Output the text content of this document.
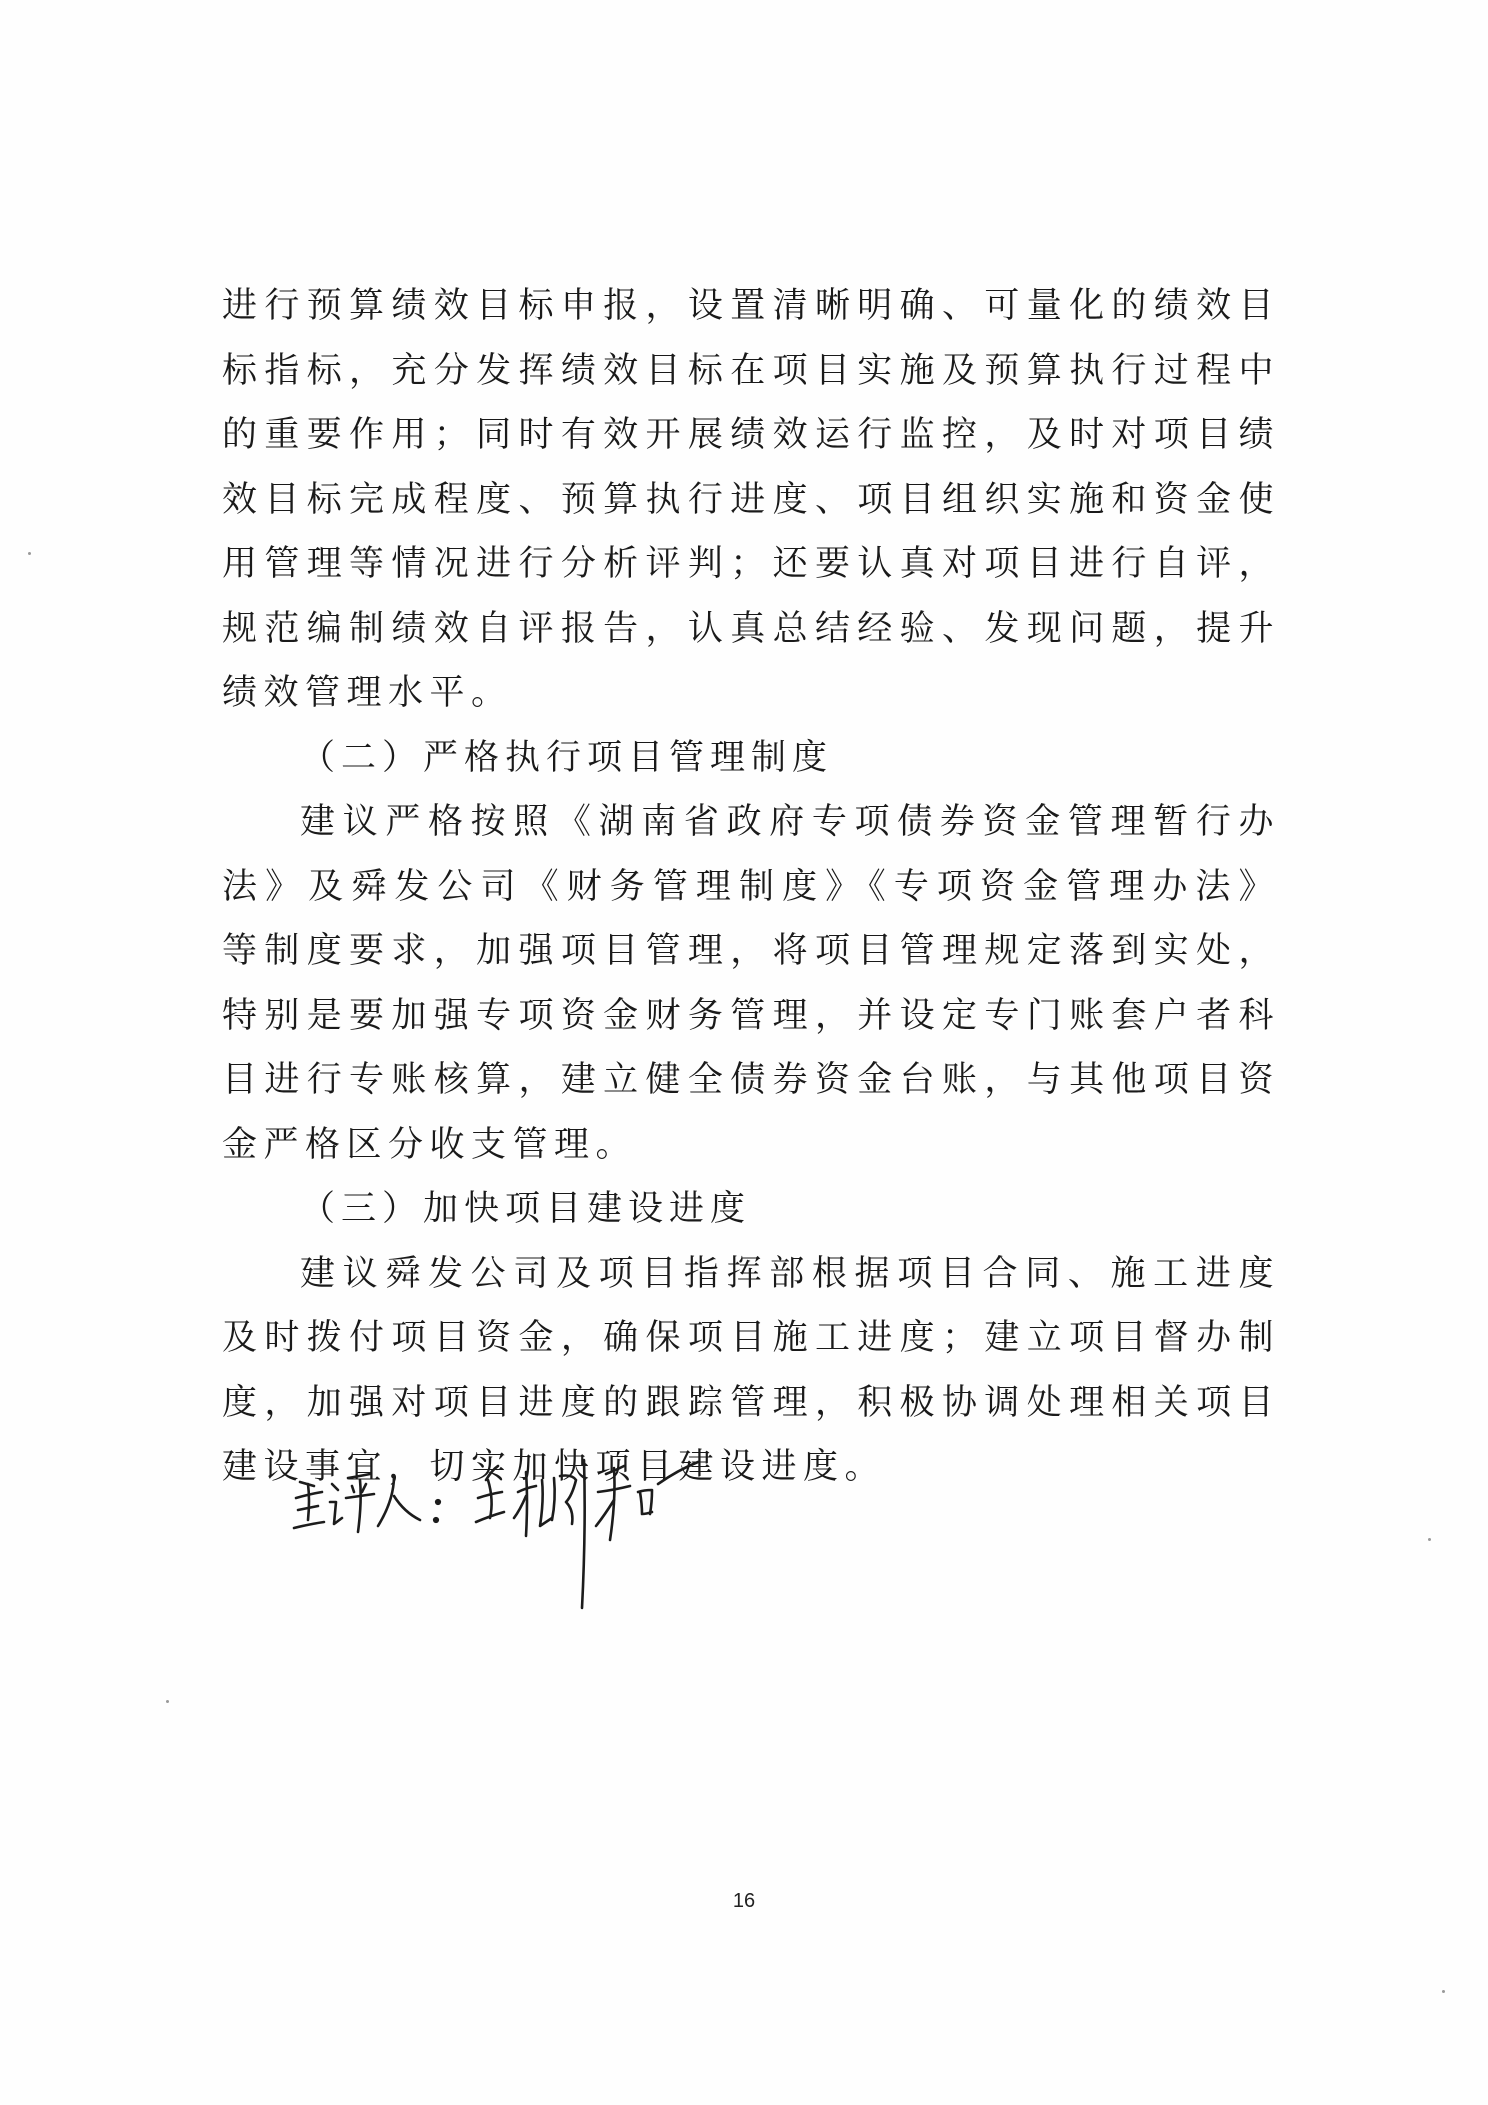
进行预算绩效目标申报，设置清晰明确、可量化的绩效目标指标，充分发挥绩效目标在项目实施及预算执行过程中的重要作用；同时有效开展绩效运行监控，及时对项目绩效目标完成程度、预算执行进度、项目组织实施和资金使用管理等情况进行分析评判；还要认真对项目进行自评，规范编制绩效自评报告，认真总结经验、发现问题，提升绩效管理水平。

（二）严格执行项目管理制度

建议严格按照《湖南省政府专项债券资金管理暂行办法》及舜发公司《财务管理制度》《专项资金管理办法》等制度要求，加强项目管理，将项目管理规定落到实处，特别是要加强专项资金财务管理，并设定专门账套户者科目进行专账核算，建立健全债券资金台账，与其他项目资金严格区分收支管理。

（三）加快项目建设进度

建议舜发公司及项目指挥部根据项目合同、施工进度及时拨付项目资金，确保项目施工进度；建立项目督办制度，加强对项目进度的跟踪管理，积极协调处理相关项目建设事宜，切实加快项目建设进度。

16
